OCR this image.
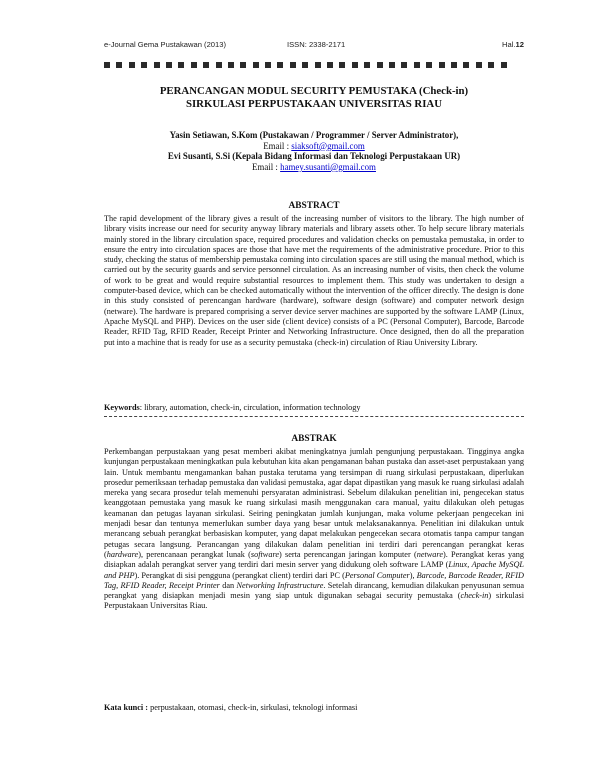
e-Journal Gema Pustakawan (2013)	ISSN: 2338-2171	Hal.12
PERANCANGAN MODUL SECURITY PEMUSTAKA (Check-in)
SIRKULASI PERPUSTAKAAN UNIVERSITAS RIAU
Yasin Setiawan, S.Kom (Pustakawan / Programmer / Server Administrator),
Email : siaksoft@gmail.com
Evi Susanti, S.Si (Kepala Bidang Informasi dan Teknologi Perpustakaan UR)
Email : hamey.susanti@gmail.com
ABSTRACT
The rapid development of the library gives a result of the increasing number of visitors to the library. The high number of library visits increase our need for security anyway library materials and library assets other. To help secure library materials mainly stored in the library circulation space, required procedures and validation checks on pemustaka pemustaka, in order to ensure the entry into circulation spaces are those that have met the requirements of the administrative procedure. Prior to this study, checking the status of membership pemustaka coming into circulation spaces are still using the manual method, which is carried out by the security guards and service personnel circulation. As an increasing number of visits, then check the volume of work to be great and would require substantial resources to implement them. This study was undertaken to design a computer-based device, which can be checked automatically without the intervention of the officer directly. The design is done in this study consisted of perencangan hardware (hardware), software design (software) and computer network design (netware). The hardware is prepared comprising a server device server machines are supported by the software LAMP (Linux, Apache MySQL and PHP). Devices on the user side (client device) consists of a PC (Personal Computer), Barcode, Barcode Reader, RFID Tag, RFID Reader, Receipt Printer and Networking Infrastructure. Once designed, then do all the preparation put into a machine that is ready for use as a security pemustaka (check-in) circulation of Riau University Library.
Keywords: library, automation, check-in, circulation, information technology
ABSTRAK
Perkembangan perpustakaan yang pesat memberi akibat meningkatnya jumlah pengunjung perpustakaan. Tingginya angka kunjungan perpustakaan meningkatkan pula kebutuhan kita akan pengamanan bahan pustaka dan asset-aset perpustakaan yang lain. Untuk membantu mengamankan bahan pustaka terutama yang tersimpan di ruang sirkulasi perpustakaan, diperlukan prosedur pemeriksaan terhadap pemustaka dan validasi pemustaka, agar dapat dipastikan yang masuk ke ruang sirkulasi adalah mereka yang secara prosedur telah memenuhi persyaratan administrasi. Sebelum dilakukan penelitian ini, pengecekan status keanggotaan pemustaka yang masuk ke ruang sirkulasi masih menggunakan cara manual, yaitu dilakukan oleh petugas keamanan dan petugas layanan sirkulasi. Seiring peningkatan jumlah kunjungan, maka volume pekerjaan pengecekan ini menjadi besar dan tentunya memerlukan sumber daya yang besar untuk melaksanakannya. Penelitian ini dilakukan untuk merancang sebuah perangkat berbasiskan komputer, yang dapat melakukan pengecekan secara otomatis tanpa campur tangan petugas secara langsung. Perancangan yang dilakukan dalam penelitian ini terdiri dari perencangan perangkat keras (hardware), perencanaan perangkat lunak (software) serta perencangan jaringan komputer (netware). Perangkat keras yang disiapkan adalah perangkat server yang terdiri dari mesin server yang didukung oleh software LAMP (Linux, Apache MySQL and PHP). Perangkat di sisi pengguna (perangkat client) terdiri dari PC (Personal Computer), Barcode, Barcode Reader, RFID Tag, RFID Reader, Receipt Printer dan Networking Infrastructure. Setelah dirancang, kemudian dilakukan penyusunan semua perangkat yang disiapkan menjadi mesin yang siap untuk digunakan sebagai security pemustaka (check-in) sirkulasi Perpustakaan Universitas Riau.
Kata kunci : perpustakaan, otomasi, check-in, sirkulasi, teknologi informasi
